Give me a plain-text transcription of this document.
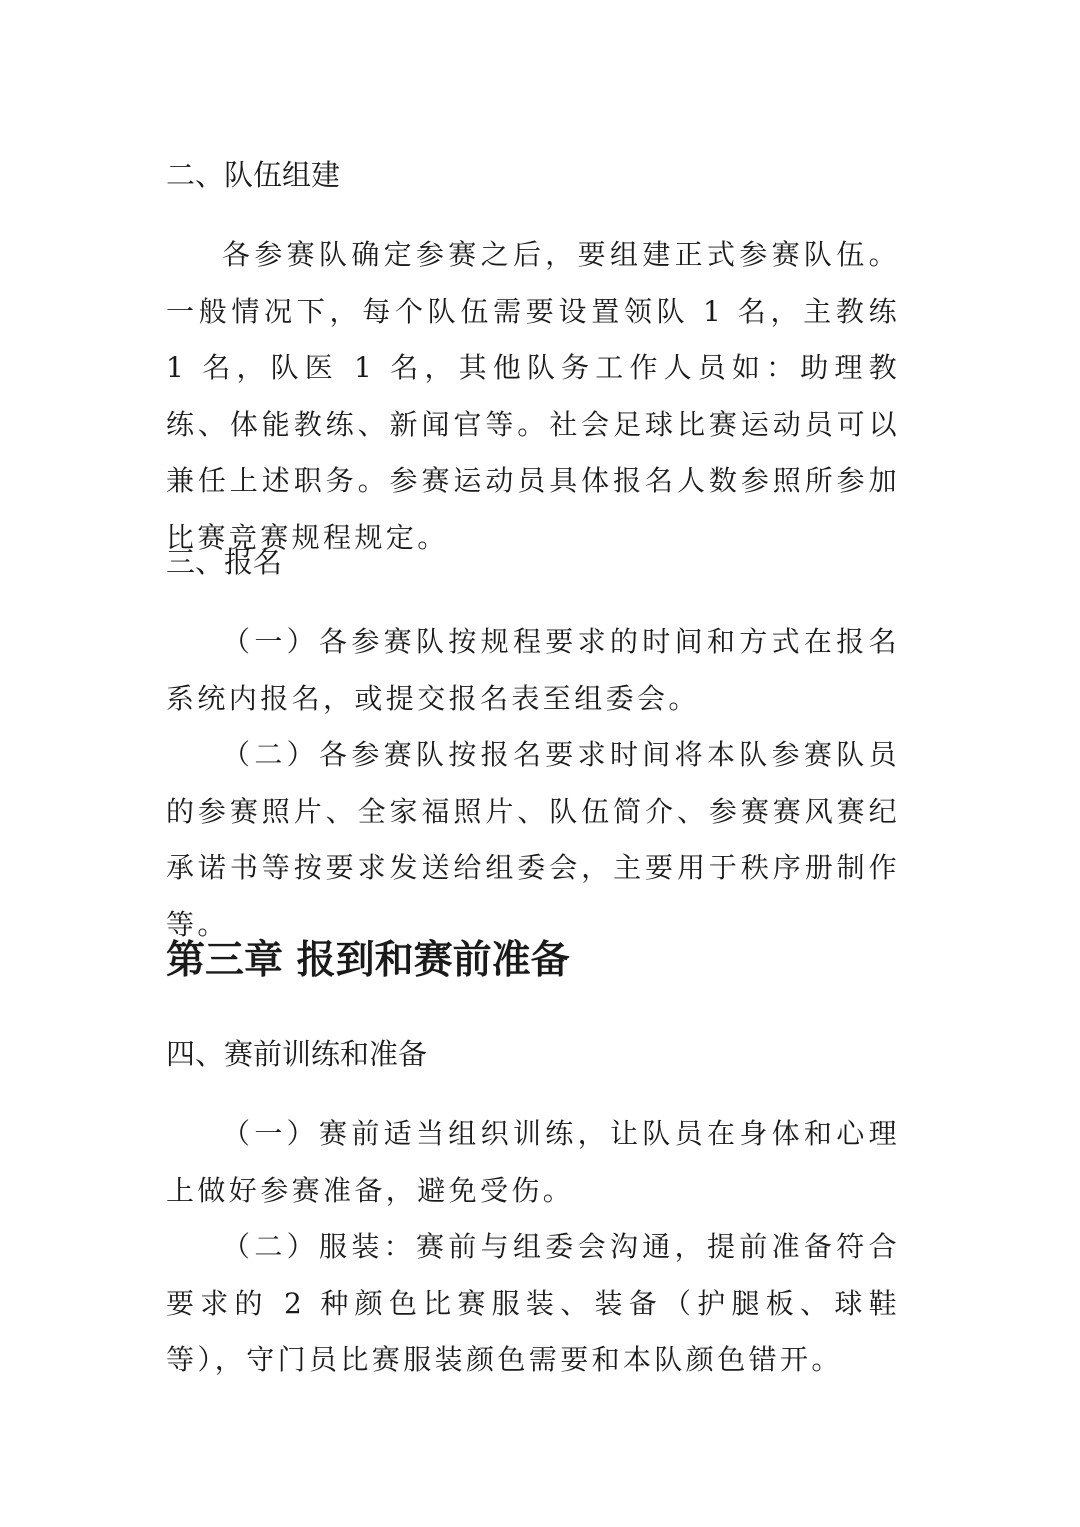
二、队伍组建

各参赛队确定参赛之后，要组建正式参赛队伍。一般情况下，每个队伍需要设置领队 1 名，主教练 1 名，队医 1 名，其他队务工作人员如：助理教练、体能教练、新闻官等。社会足球比赛运动员可以兼任上述职务。参赛运动员具体报名人数参照所参加比赛竞赛规程规定。

三、报名

（一）各参赛队按规程要求的时间和方式在报名系统内报名，或提交报名表至组委会。

（二）各参赛队按报名要求时间将本队参赛队员的参赛照片、全家福照片、队伍简介、参赛赛风赛纪承诺书等按要求发送给组委会，主要用于秩序册制作等。

第三章 报到和赛前准备
四、赛前训练和准备

（一）赛前适当组织训练，让队员在身体和心理上做好参赛准备，避免受伤。

（二）服装：赛前与组委会沟通，提前准备符合要求的 2 种颜色比赛服装、装备（护腿板、球鞋等），守门员比赛服装颜色需要和本队颜色错开。
